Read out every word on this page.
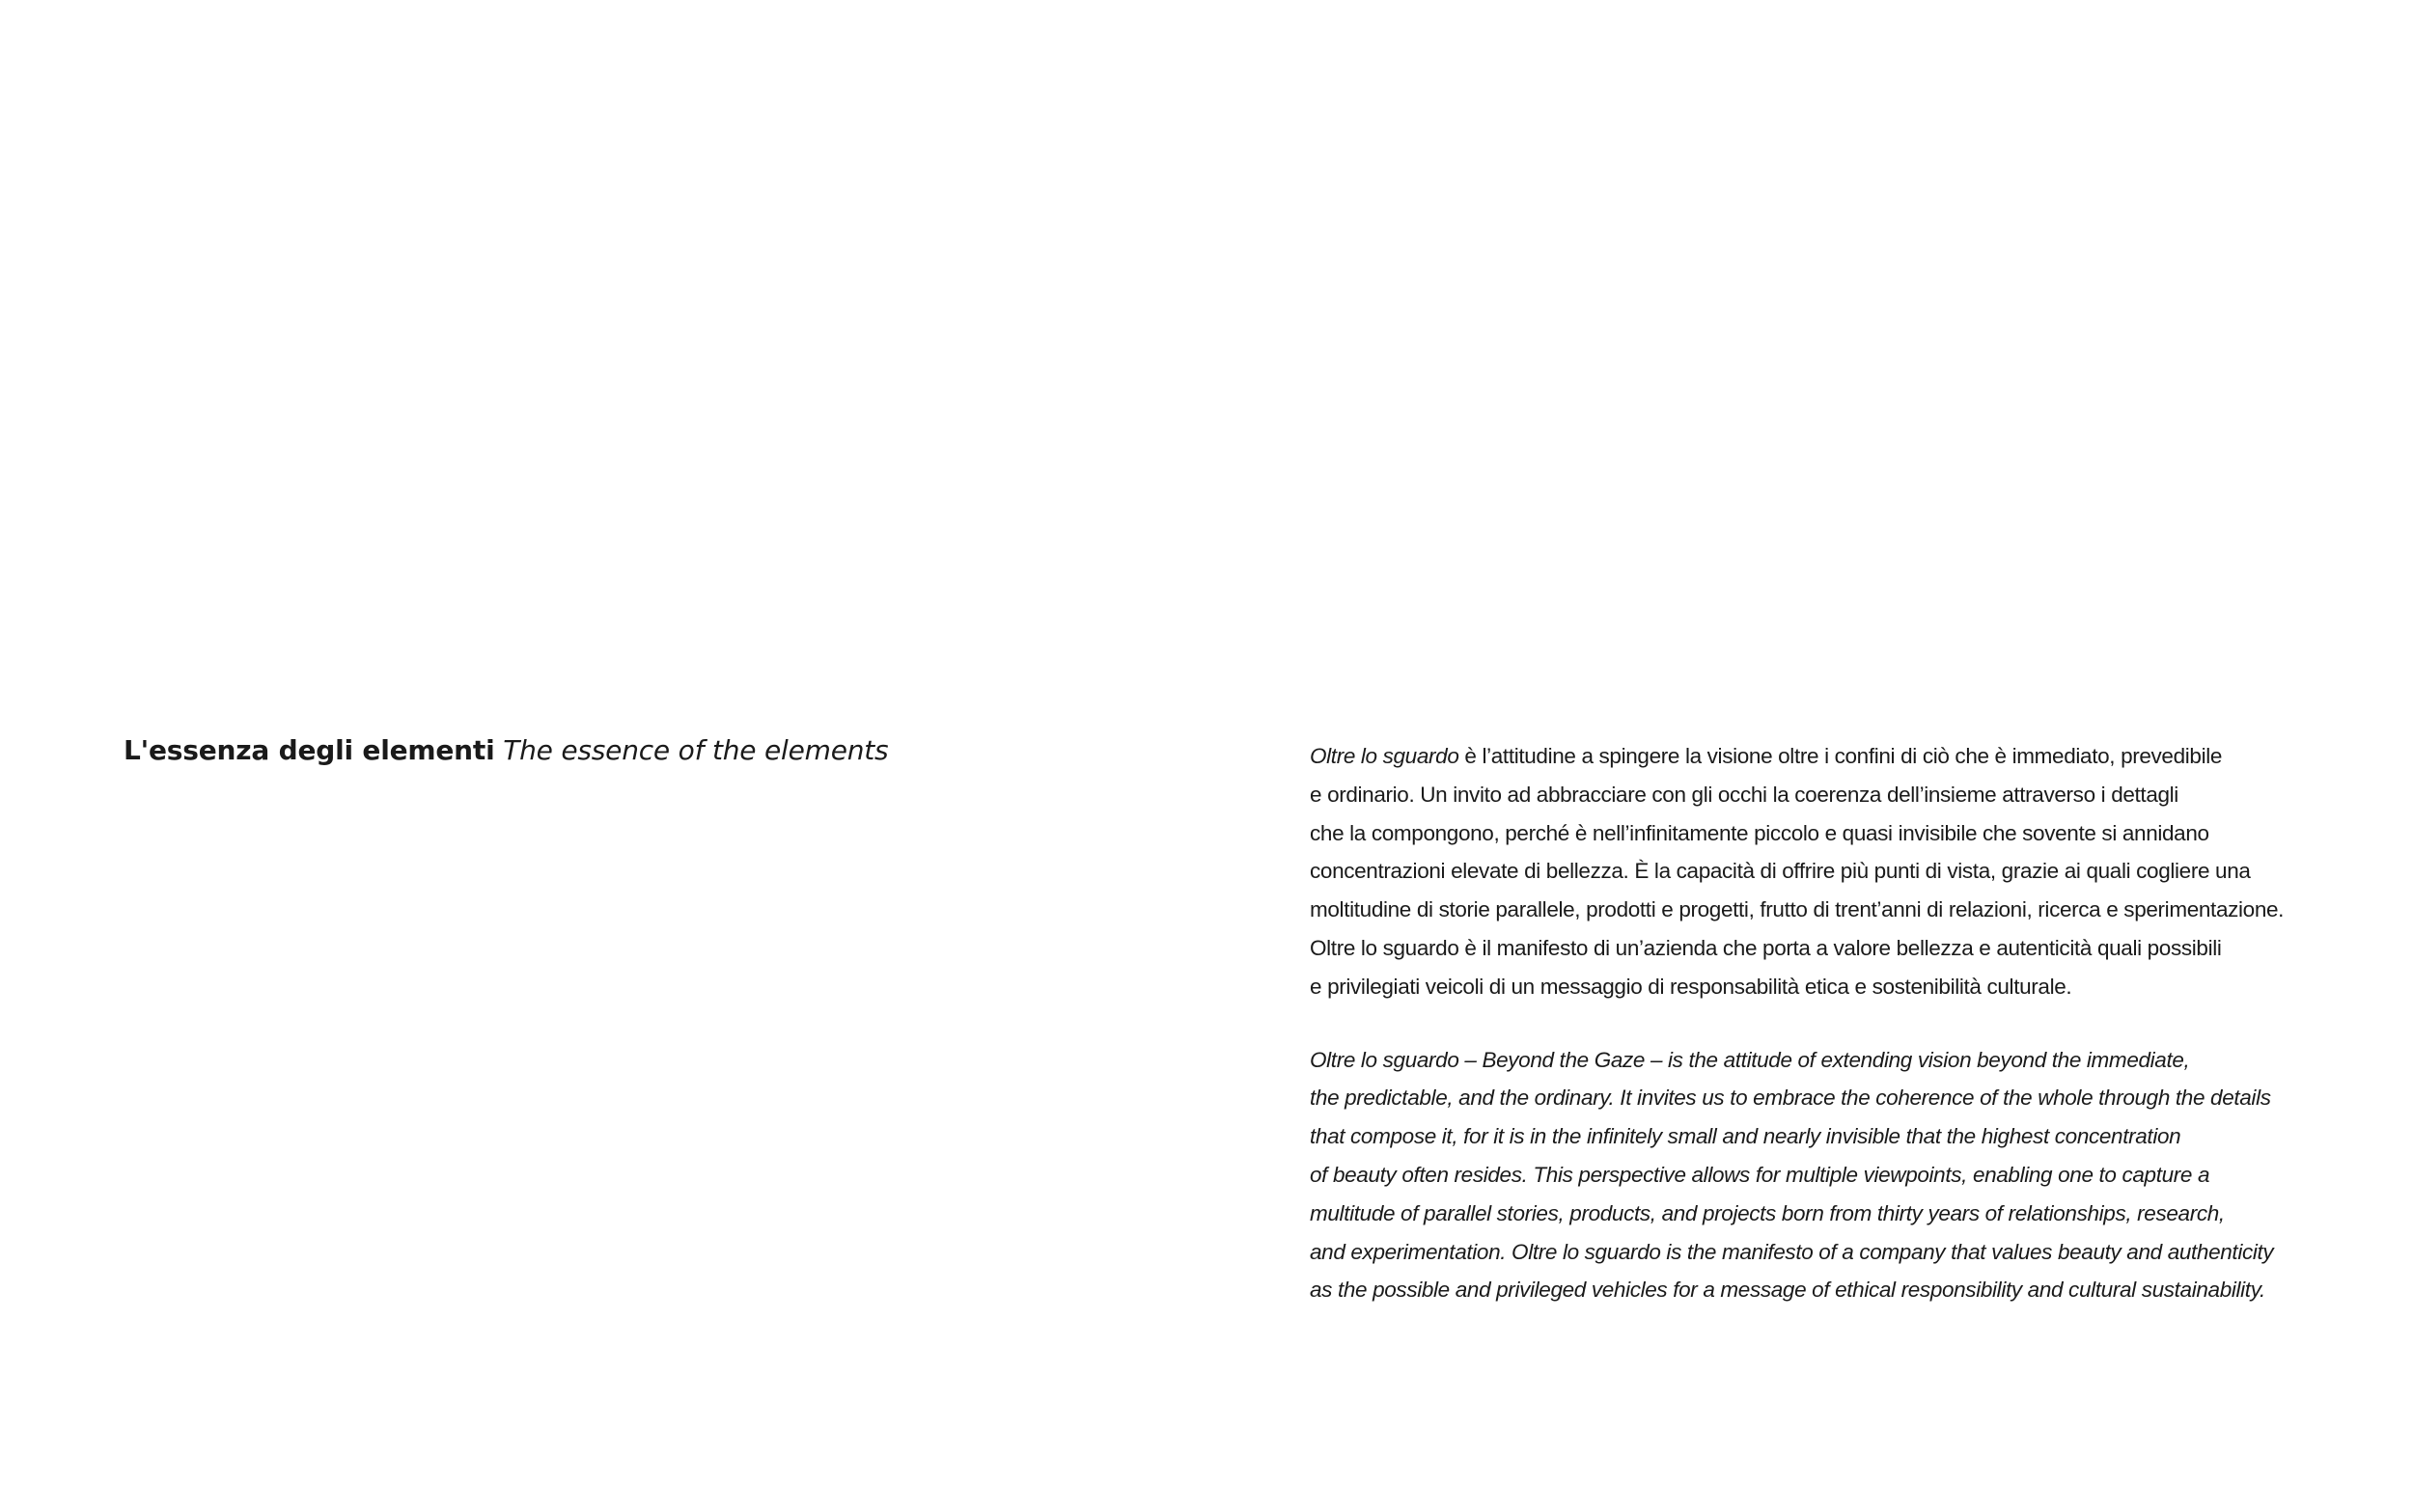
L'essenza degli elementi The essence of the elements	Oltre lo sguardo è l’attitudine a spingere la visione oltre i confini di ciò che è immediato, prevedibile
e ordinario. Un invito ad abbracciare con gli occhi la coerenza dell’insieme attraverso i dettagli
che la compongono, perché è nell’infinitamente piccolo e quasi invisibile che sovente si annidano
concentrazioni elevate di bellezza. È la capacità di offrire più punti di vista, grazie ai quali cogliere una
moltitudine di storie parallele, prodotti e progetti, frutto di trent’anni di relazioni, ricerca e sperimentazione.
Oltre lo sguardo è il manifesto di un’azienda che porta a valore bellezza e autenticità quali possibili
e privilegiati veicoli di un messaggio di responsabilità etica e sostenibilità culturale.

Oltre lo sguardo – Beyond the Gaze – is the attitude of extending vision beyond the immediate,
the predictable, and the ordinary. It invites us to embrace the coherence of the whole through the details
that compose it, for it is in the infinitely small and nearly invisible that the highest concentration
of beauty often resides. This perspective allows for multiple viewpoints, enabling one to capture a
multitude of parallel stories, products, and projects born from thirty years of relationships, research,
and experimentation. Oltre lo sguardo is the manifesto of a company that values beauty and authenticity
as the possible and privileged vehicles for a message of ethical responsibility and cultural sustainability.
